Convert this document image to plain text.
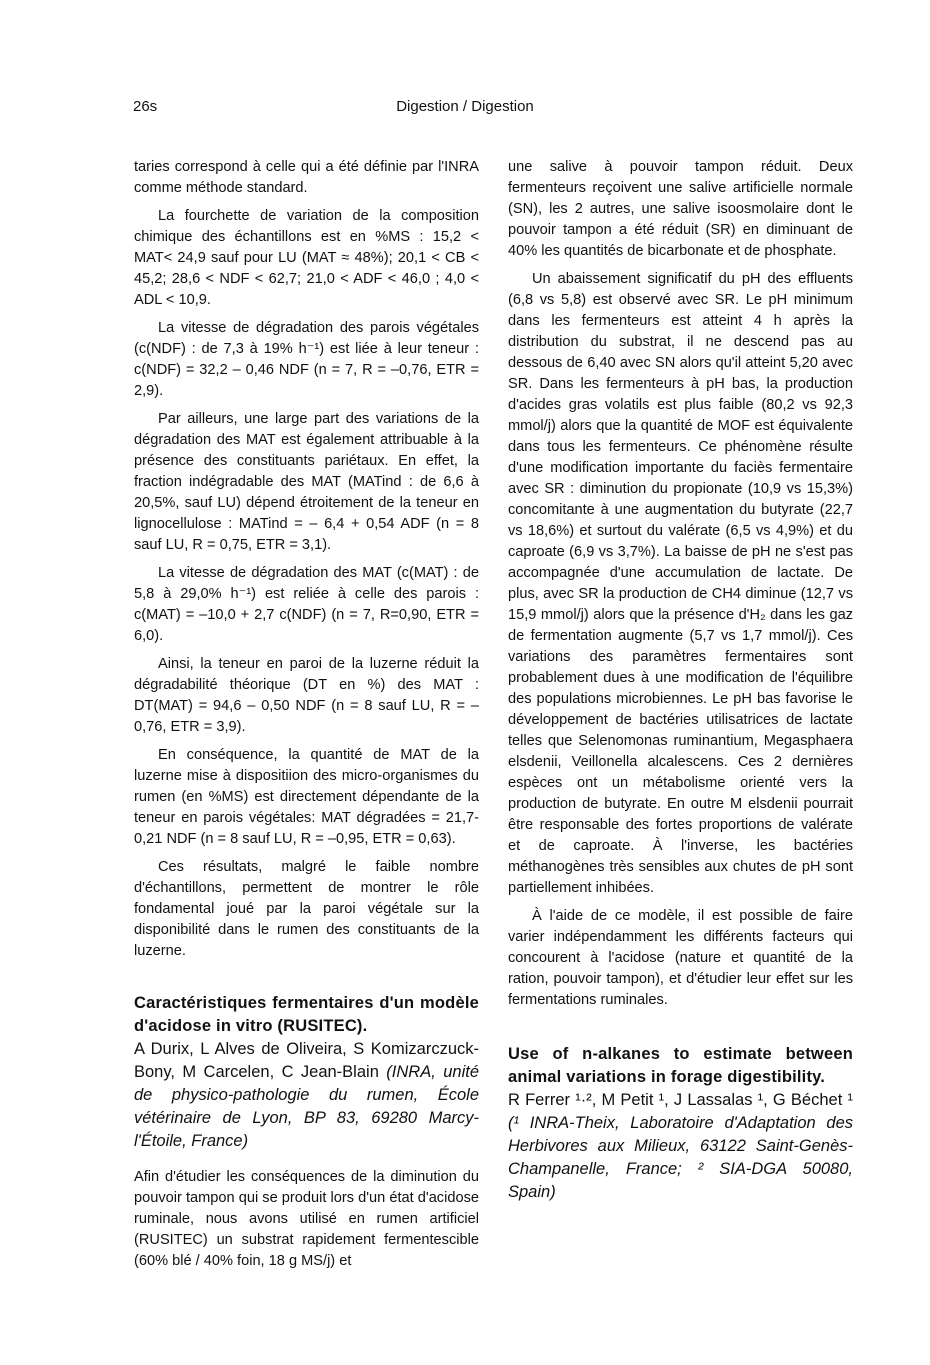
26s	Digestion / Digestion

taries correspond à celle qui a été définie par l'INRA comme méthode standard.

La fourchette de variation de la composition chimique des échantillons est en %MS : 15,2 < MAT< 24,9 sauf pour LU (MAT ≈ 48%); 20,1 < CB < 45,2; 28,6 < NDF < 62,7; 21,0 < ADF < 46,0 ; 4,0 < ADL < 10,9.

La vitesse de dégradation des parois végétales (c(NDF) : de 7,3 à 19% h⁻¹) est liée à leur teneur : c(NDF) = 32,2 – 0,46 NDF (n = 7, R = –0,76, ETR = 2,9).

Par ailleurs, une large part des variations de la dégradation des MAT est également attribuable à la présence des constituants pariétaux. En effet, la fraction indégradable des MAT (MATind : de 6,6 à 20,5%, sauf LU) dépend étroitement de la teneur en lignocellulose : MATind = – 6,4 + 0,54 ADF (n = 8 sauf LU, R = 0,75, ETR = 3,1).

La vitesse de dégradation des MAT (c(MAT) : de 5,8 à 29,0% h⁻¹) est reliée à celle des parois : c(MAT) = –10,0 + 2,7 c(NDF) (n = 7, R=0,90, ETR = 6,0).

Ainsi, la teneur en paroi de la luzerne réduit la dégradabilité théorique (DT en %) des MAT : DT(MAT) = 94,6 – 0,50 NDF (n = 8 sauf LU, R = –0,76, ETR = 3,9).

En conséquence, la quantité de MAT de la luzerne mise à dispositiion des micro-organismes du rumen (en %MS) est directement dépendante de la teneur en parois végétales: MAT dégradées = 21,7- 0,21 NDF (n = 8 sauf LU, R = –0,95, ETR = 0,63).

Ces résultats, malgré le faible nombre d'échantillons, permettent de montrer le rôle fondamental joué par la paroi végétale sur la disponibilité dans le rumen des constituants de la luzerne.

Caractéristiques fermentaires d'un modèle d'acidose in vitro (RUSITEC).

A Durix, L Alves de Oliveira, S Komizarczuck-Bony, M Carcelen, C Jean-Blain (INRA, unité de physico-pathologie du rumen, École vétérinaire de Lyon, BP 83, 69280 Marcy-l'Étoile, France)

Afin d'étudier les conséquences de la diminution du pouvoir tampon qui se produit lors d'un état d'acidose ruminale, nous avons utilisé en rumen artificiel (RUSITEC) un substrat rapidement fermentescible (60% blé / 40% foin, 18 g MS/j) et

une salive à pouvoir tampon réduit. Deux fermenteurs reçoivent une salive artificielle normale (SN), les 2 autres, une salive isoosmolaire dont le pouvoir tampon a été réduit (SR) en diminuant de 40% les quantités de bicarbonate et de phosphate.

Un abaissement significatif du pH des effluents (6,8 vs 5,8) est observé avec SR. Le pH minimum dans les fermenteurs est atteint 4 h après la distribution du substrat, il ne descend pas au dessous de 6,40 avec SN alors qu'il atteint 5,20 avec SR. Dans les fermenteurs à pH bas, la production d'acides gras volatils est plus faible (80,2 vs 92,3 mmol/j) alors que la quantité de MOF est équivalente dans tous les fermenteurs. Ce phénomène résulte d'une modification importante du faciès fermentaire avec SR : diminution du propionate (10,9 vs 15,3%) concomitante à une augmentation du butyrate (22,7 vs 18,6%) et surtout du valérate (6,5 vs 4,9%) et du caproate (6,9 vs 3,7%). La baisse de pH ne s'est pas accompagnée d'une accumulation de lactate. De plus, avec SR la production de CH4 diminue (12,7 vs 15,9 mmol/j) alors que la présence d'H₂ dans les gaz de fermentation augmente (5,7 vs 1,7 mmol/j). Ces variations des paramètres fermentaires sont probablement dues à une modification de l'équilibre des populations microbiennes. Le pH bas favorise le développement de bactéries utilisatrices de lactate telles que Selenomonas ruminantium, Megasphaera elsdenii, Veillonella alcalescens. Ces 2 dernières espèces ont un métabolisme orienté vers la production de butyrate. En outre M elsdenii pourrait être responsable des fortes proportions de valérate et de caproate. À l'inverse, les bactéries méthanogènes très sensibles aux chutes de pH sont partiellement inhibées.

À l'aide de ce modèle, il est possible de faire varier indépendamment les différents facteurs qui concourent à l'acidose (nature et quantité de la ration, pouvoir tampon), et d'étudier leur effet sur les fermentations ruminales.

Use of n-alkanes to estimate between animal variations in forage digestibility.

R Ferrer ¹·², M Petit ¹, J Lassalas ¹, G Béchet ¹ (¹ INRA-Theix, Laboratoire d'Adaptation des Herbivores aux Milieux, 63122 Saint-Genès-Champanelle, France; ² SIA-DGA 50080, Spain)
